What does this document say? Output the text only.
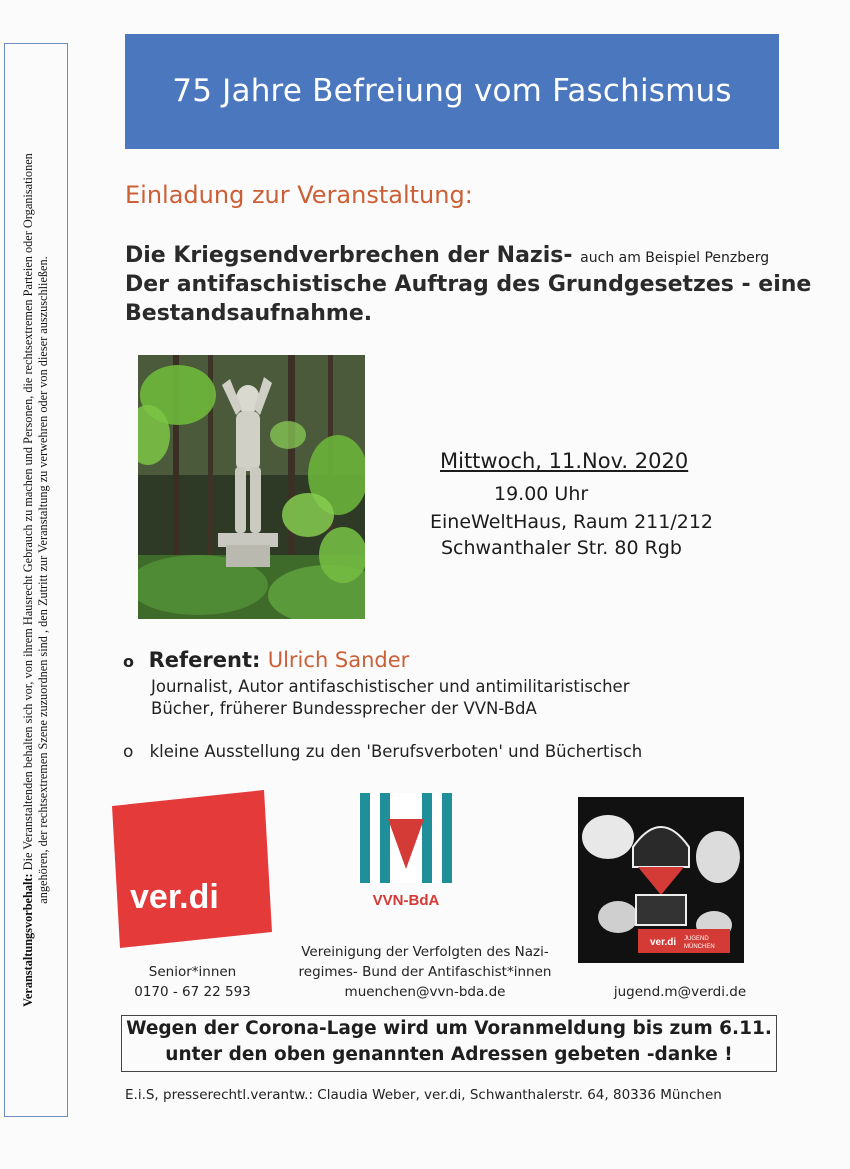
Veranstaltungsvorbehalt: Die Veranstaltenden behalten sich vor, von ihrem Hausrecht Gebrauch zu machen und Personen, die rechtsextremen Parteien oder Organisationen angehören, der rechtsextremen Szene zuzuordnen sind , den Zutritt zur Veranstaltung zu verwehren oder von dieser auszuschließen.
75 Jahre Befreiung vom Faschismus
Einladung zur Veranstaltung:
Die Kriegsendverbrechen der Nazis- auch am Beispiel Penzberg
Der antifaschistische Auftrag des Grundgesetzes - eine
Bestandsaufnahme.
Mittwoch, 11.Nov. 2020
19.00 Uhr
EineWeltHaus, Raum 211/212
Schwanthaler Str. 80 Rgb
o Referent: Ulrich Sander
Journalist, Autor antifaschistischer und antimilitaristischer
Bücher, früherer Bundessprecher der VVN-BdA
o kleine Ausstellung zu den 'Berufsverboten' und Büchertisch
ver.di	VVN-BdA
ver.di JUGEND
MÜNCHEN
Senior*innen
0170 - 67 22 593
Vereinigung der Verfolgten des Nazi-
regimes- Bund der Antifaschist*innen
muenchen@vvn-bda.de	jugend.m@verdi.de
Wegen der Corona-Lage wird um Voranmeldung bis zum 6.11.
unter den oben genannten Adressen gebeten -danke !
E.i.S, presserechtl.verantw.: Claudia Weber, ver.di, Schwanthalerstr. 64, 80336 München
